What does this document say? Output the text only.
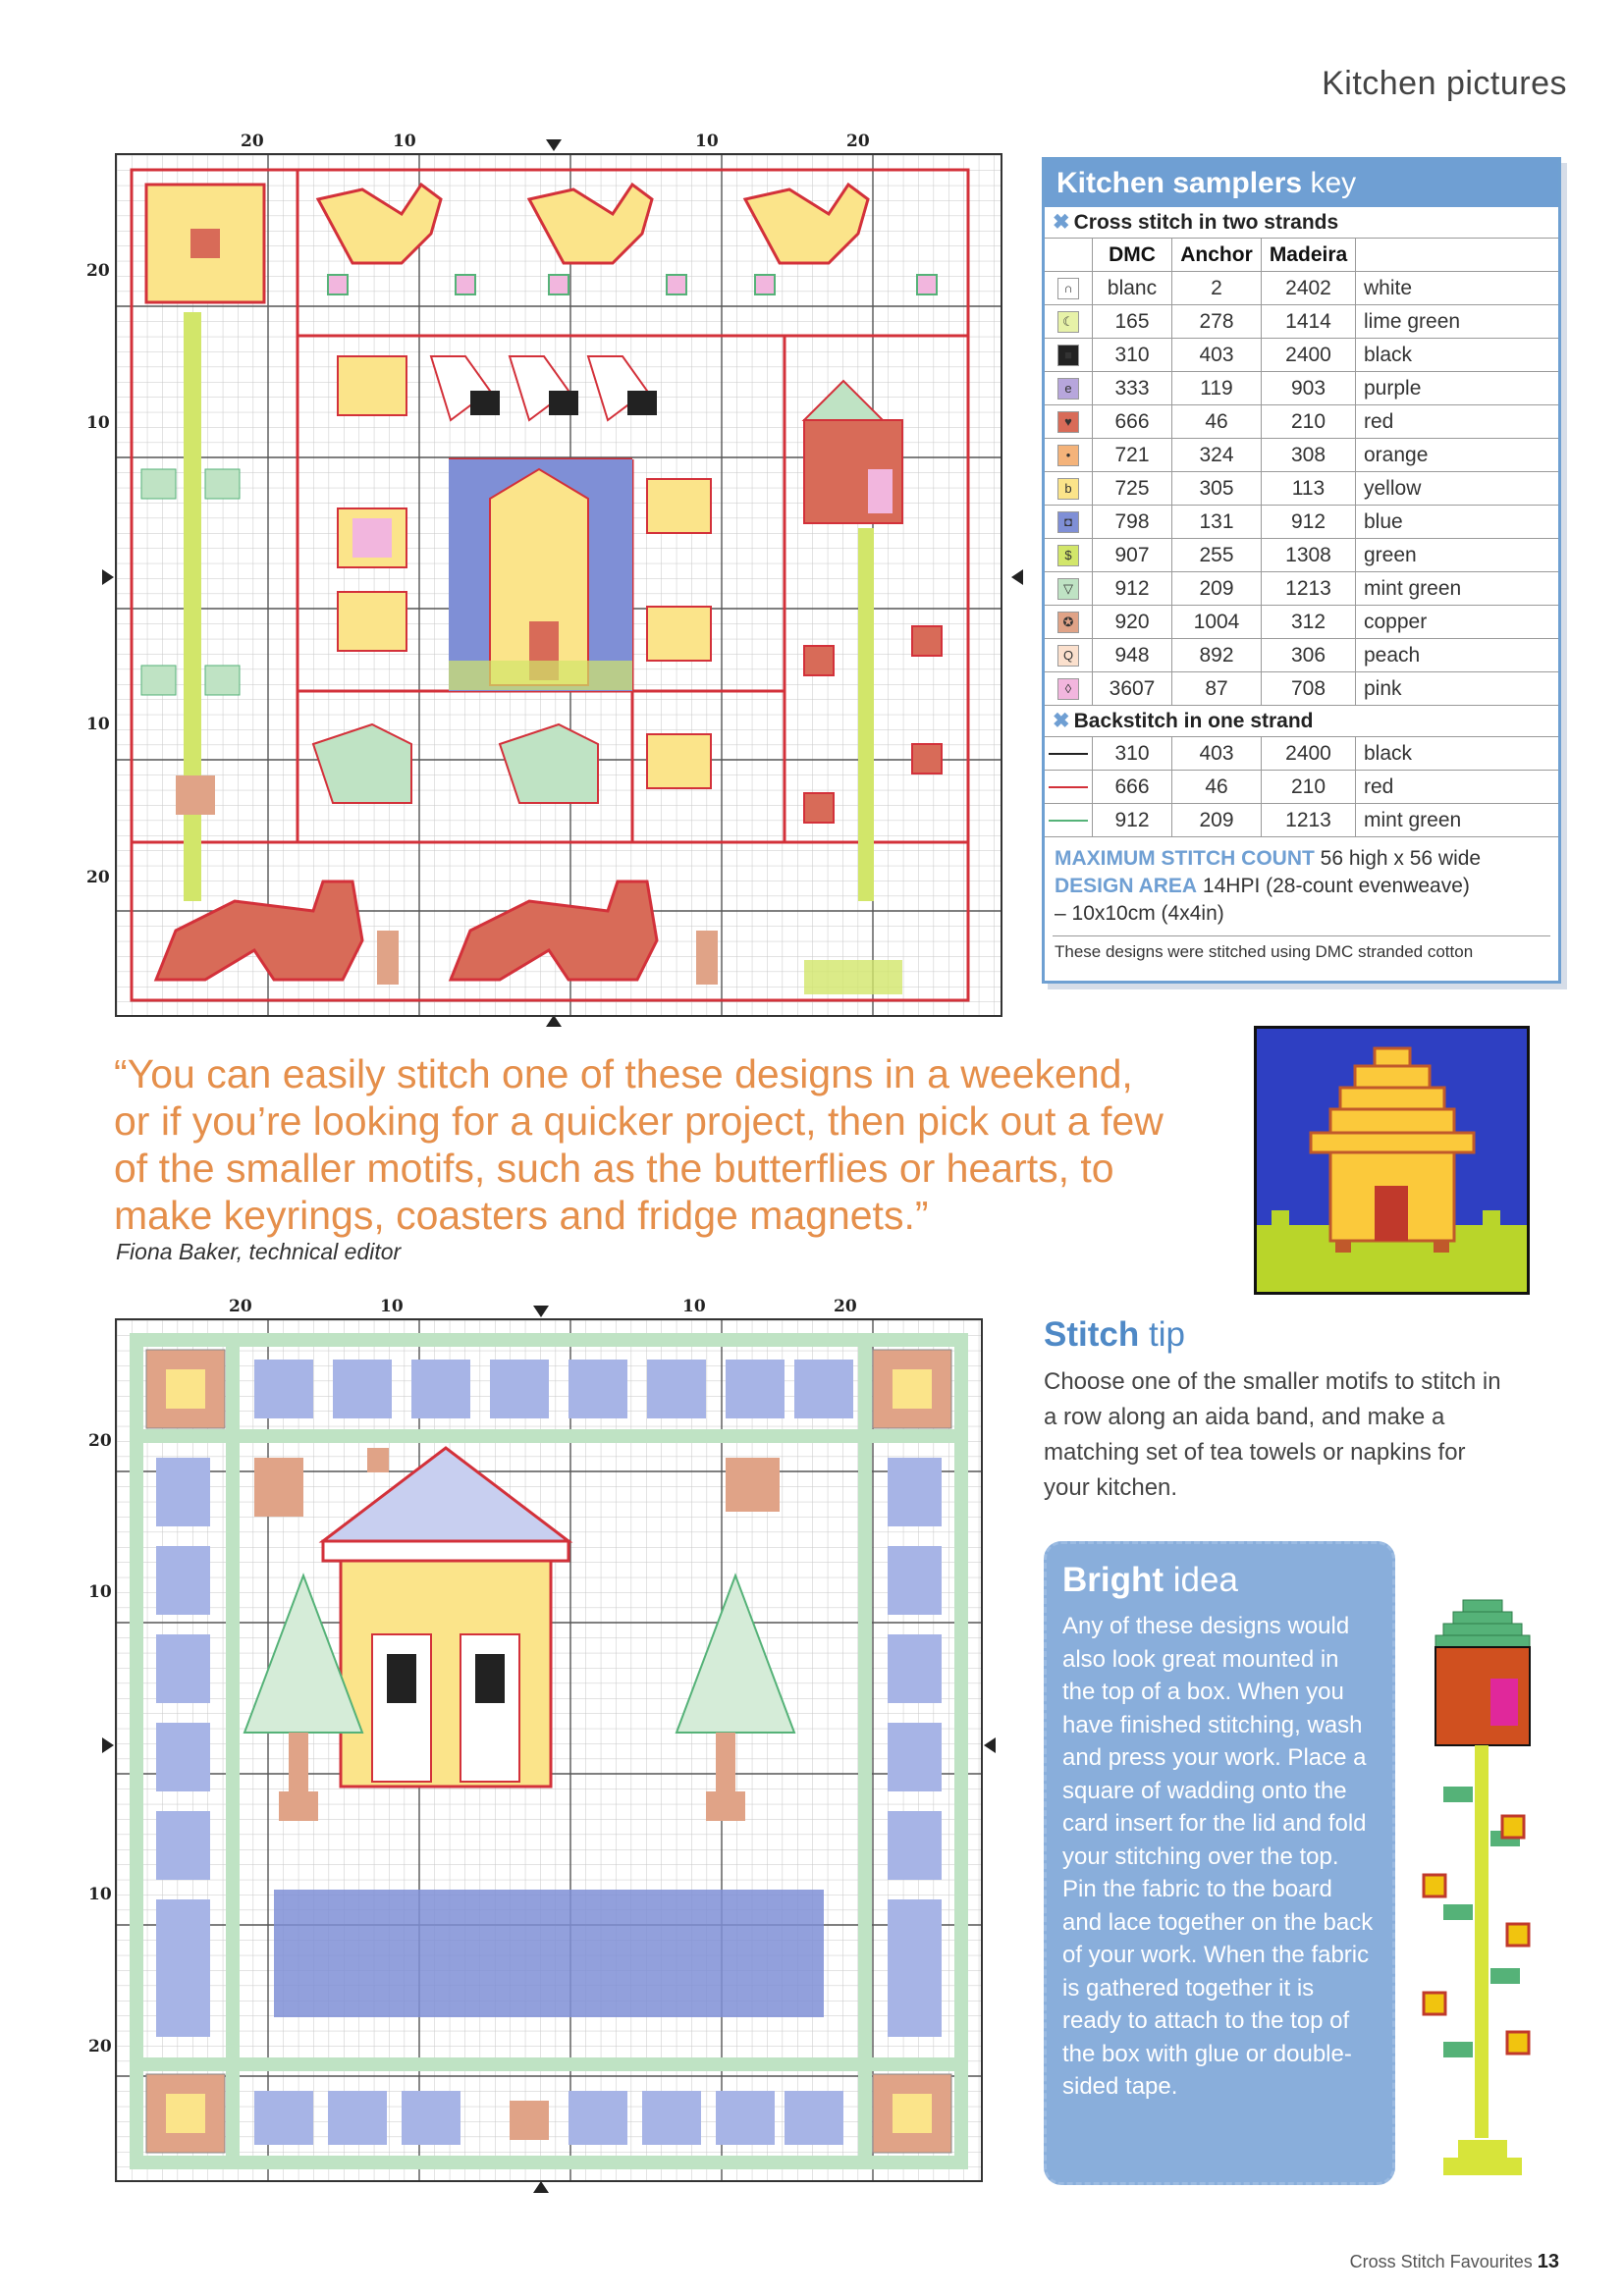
Kitchen pictures
20	10	10	20
20
10
10
20
Kitchen samplers key
✖ Cross stitch in two strands
	DMC	Anchor	Madeira	
∩	blanc	2	2402	white
☾	165	278	1414	lime green
■	310	403	2400	black
e	333	119	903	purple
♥	666	46	210	red
•	721	324	308	orange
b	725	305	113	yellow
◘	798	131	912	blue
$	907	255	1308	green
▽	912	209	1213	mint green
✪	920	1004	312	copper
Q	948	892	306	peach
◊	3607	87	708	pink
✖ Backstitch in one strand
	310	403	2400	black
	666	46	210	red
	912	209	1213	mint green
MAXIMUM STITCH COUNT 56 high x 56 wide
DESIGN AREA 14HPI (28-count evenweave)
– 10x10cm (4x4in)
These designs were stitched using DMC stranded cotton
“You can easily stitch one of these designs in a weekend, or if you’re looking for a quicker project, then pick out a few of the smaller motifs, such as the butterflies or hearts, to make keyrings, coasters and fridge magnets.”
Fiona Baker, technical editor
20	10	10	20
20
10
10
20
Stitch tip
Choose one of the smaller motifs to stitch in a row along an aida band, and make a matching set of tea towels or napkins for your kitchen.
Bright idea
Any of these designs would also look great mounted in the top of a box. When you have finished stitching, wash and press your work. Place a square of wadding onto the card insert for the lid and fold your stitching over the top. Pin the fabric to the board and lace together on the back of your work. When the fabric is gathered together it is ready to attach to the top of the box with glue or double-sided tape.
Cross Stitch Favourites 13
